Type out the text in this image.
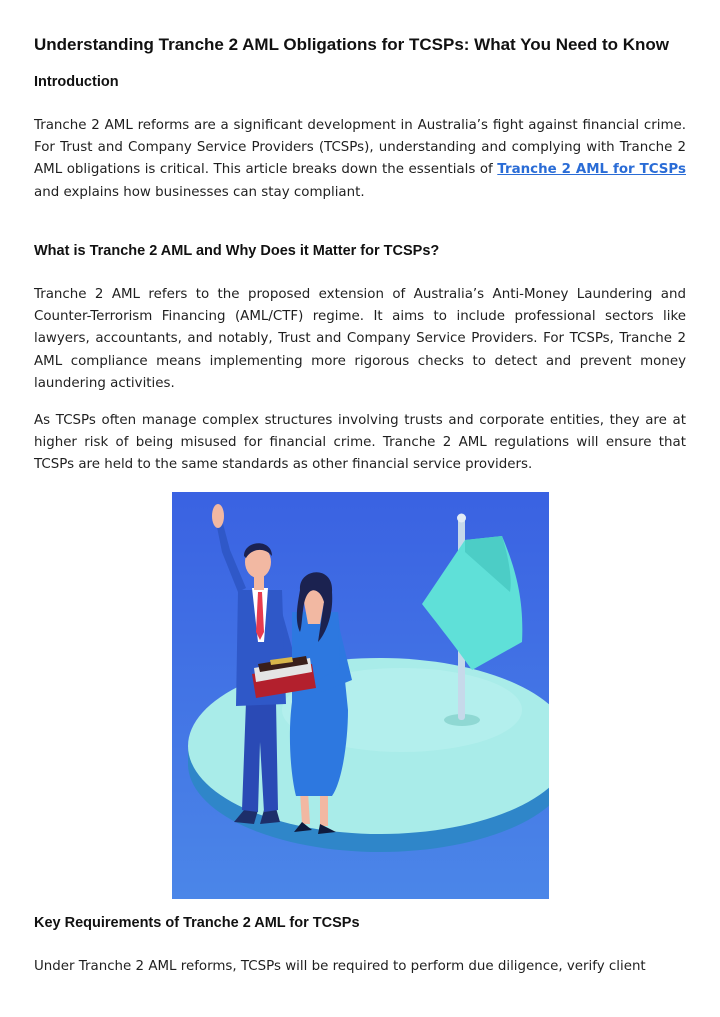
Understanding Tranche 2 AML Obligations for TCSPs: What You Need to Know
Introduction

Tranche 2 AML reforms are a significant development in Australia’s fight against financial crime. For Trust and Company Service Providers (TCSPs), understanding and complying with Tranche 2 AML obligations is critical. This article breaks down the essentials of Tranche 2 AML for TCSPs and explains how businesses can stay compliant.

What is Tranche 2 AML and Why Does it Matter for TCSPs?

Tranche 2 AML refers to the proposed extension of Australia’s Anti-Money Laundering and Counter-Terrorism Financing (AML/CTF) regime. It aims to include professional sectors like lawyers, accountants, and notably, Trust and Company Service Providers. For TCSPs, Tranche 2 AML compliance means implementing more rigorous checks to detect and prevent money laundering activities.

As TCSPs often manage complex structures involving trusts and corporate entities, they are at higher risk of being misused for financial crime. Tranche 2 AML regulations will ensure that TCSPs are held to the same standards as other financial service providers.

Key Requirements of Tranche 2 AML for TCSPs

Under Tranche 2 AML reforms, TCSPs will be required to perform due diligence, verify client
